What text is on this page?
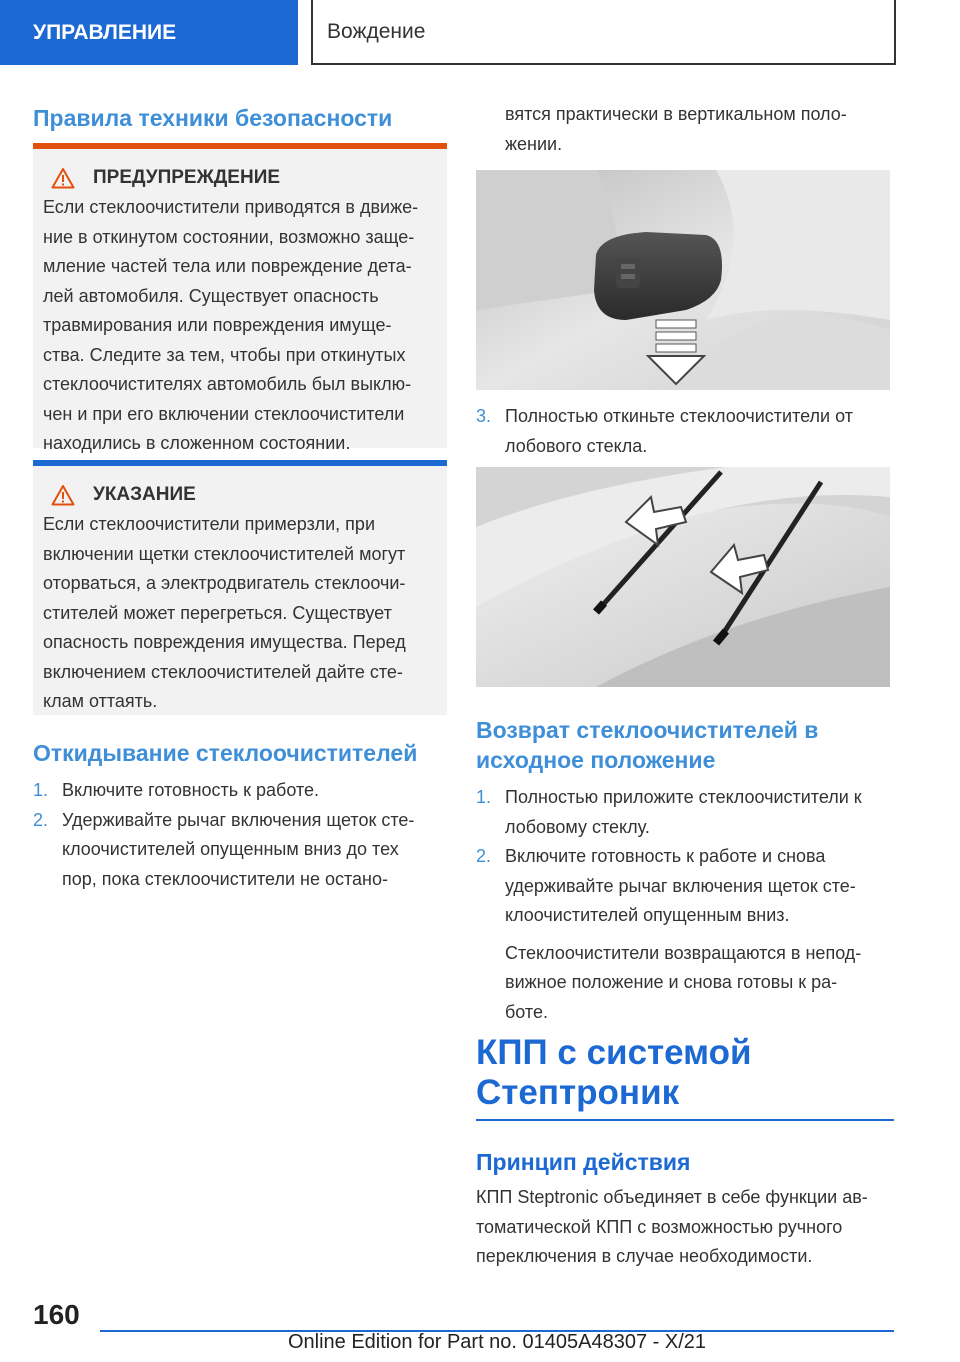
УПРАВЛЕНИЕ	Вождение
Правила техники безопасности
ПРЕДУПРЕЖДЕНИЕ

Если стеклоочистители приводятся в движе-

ние в откинутом состоянии, возможно заще-

мление частей тела или повреждение дета-

лей автомобиля. Существует опасность

травмирования или повреждения имуще-

ства. Следите за тем, чтобы при откинутых

стеклоочистителях автомобиль был выклю-

чен и при его включении стеклоочистители

находились в сложенном состоянии.

УКАЗАНИЕ

Если стеклоочистители примерзли, при

включении щетки стеклоочистителей могут

оторваться, а электродвигатель стеклоочи-

стителей может перегреться. Существует

опасность повреждения имущества. Перед

включением стеклоочистителей дайте сте-

клам оттаять.

Откидывание стеклоочистителей
1. Включите готовность к работе.
2. Удерживайте рычаг включения щеток сте-
клоочистителей опущенным вниз до тех
пор, пока стеклоочистители не остано-
вятся практически в вертикальном поло-
жении.
3. Полностью откиньте стеклоочистители от
лобового стекла.
Возврат стеклоочистителей в
исходное положение
1. Полностью приложите стеклоочистители к
лобовому стеклу.
2. Включите готовность к работе и снова
удерживайте рычаг включения щеток сте-
клоочистителей опущенным вниз.
Стеклоочистители возвращаются в непод-
вижное положение и снова готовы к ра-
боте.
КПП с системой
Стептроник
Принцип действия
КПП Steptronic объединяет в себе функции ав-
томатической КПП с возможностью ручного
переключения в случае необходимости.
160
Online Edition for Part no. 01405A48307 - X/21
